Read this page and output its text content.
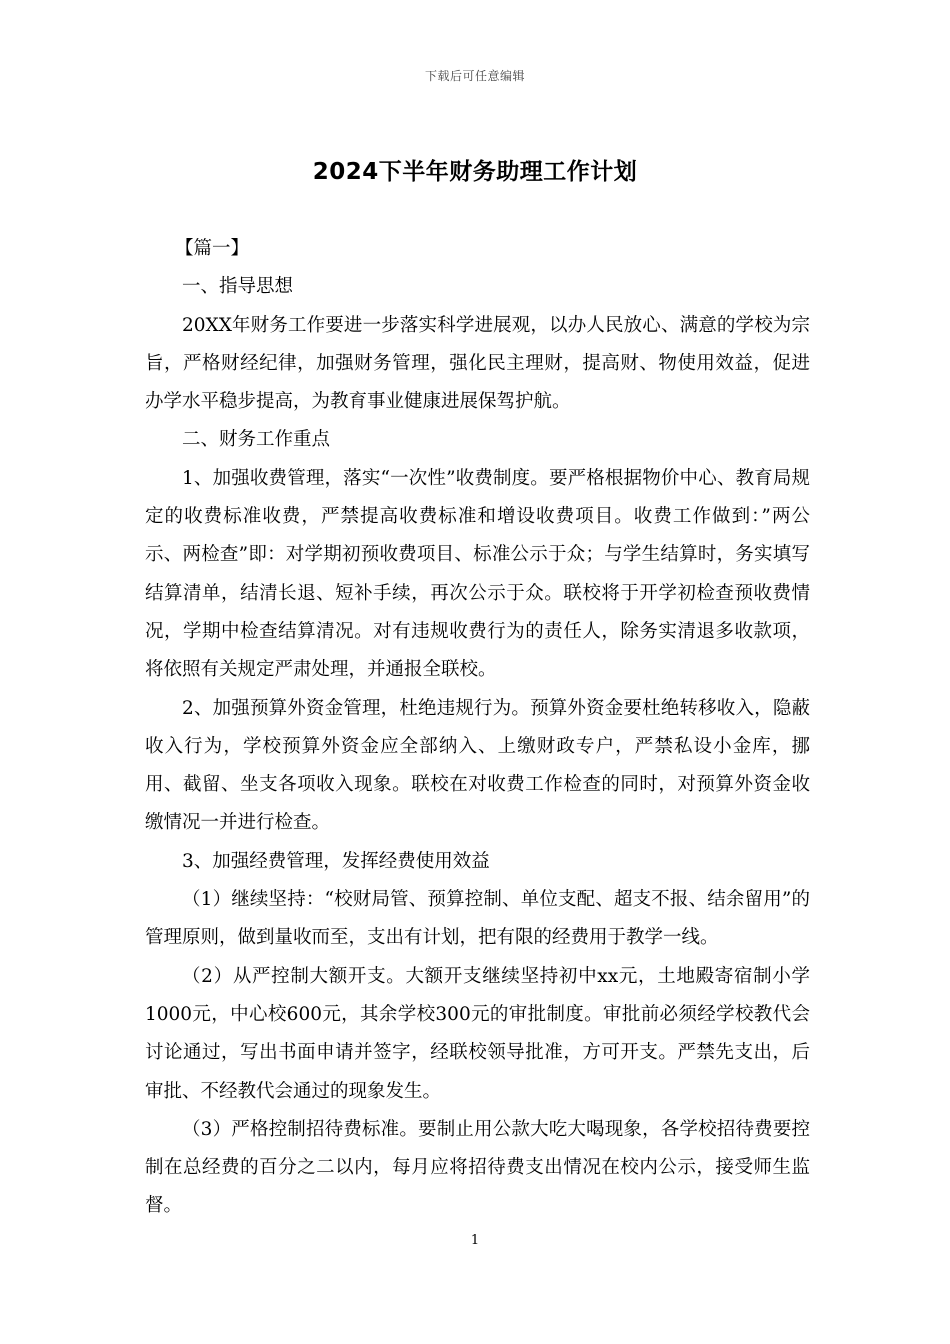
下载后可任意编辑
2024下半年财务助理工作计划

【篇一】

一、指导思想

20XX年财务工作要进一步落实科学进展观，以办人民放心、满意的学校为宗旨，严格财经纪律，加强财务管理，强化民主理财，提高财、物使用效益，促进办学水平稳步提高，为教育事业健康进展保驾护航。

二、财务工作重点

1、加强收费管理，落实“一次性”收费制度。要严格根据物价中心、教育局规定的收费标准收费，严禁提高收费标准和增设收费项目。收费工作做到：”两公示、两检查”即：对学期初预收费项目、标准公示于众；与学生结算时，务实填写结算清单，结清长退、短补手续，再次公示于众。联校将于开学初检查预收费情况，学期中检查结算清况。对有违规收费行为的责任人，除务实清退多收款项，将依照有关规定严肃处理，并通报全联校。

2、加强预算外资金管理，杜绝违规行为。预算外资金要杜绝转移收入，隐蔽收入行为，学校预算外资金应全部纳入、上缴财政专户，严禁私设小金库，挪用、截留、坐支各项收入现象。联校在对收费工作检查的同时，对预算外资金收缴情况一并进行检查。

3、加强经费管理，发挥经费使用效益

（1）继续坚持：“校财局管、预算控制、单位支配、超支不报、结余留用”的管理原则，做到量收而至，支出有计划，把有限的经费用于教学一线。

（2）从严控制大额开支。大额开支继续坚持初中xx元，土地殿寄宿制小学1000元，中心校600元，其余学校300元的审批制度。审批前必须经学校教代会讨论通过，写出书面申请并签字，经联校领导批准，方可开支。严禁先支出，后审批、不经教代会通过的现象发生。

（3）严格控制招待费标准。要制止用公款大吃大喝现象，各学校招待费要控制在总经费的百分之二以内，每月应将招待费支出情况在校内公示，接受师生监督。

1
